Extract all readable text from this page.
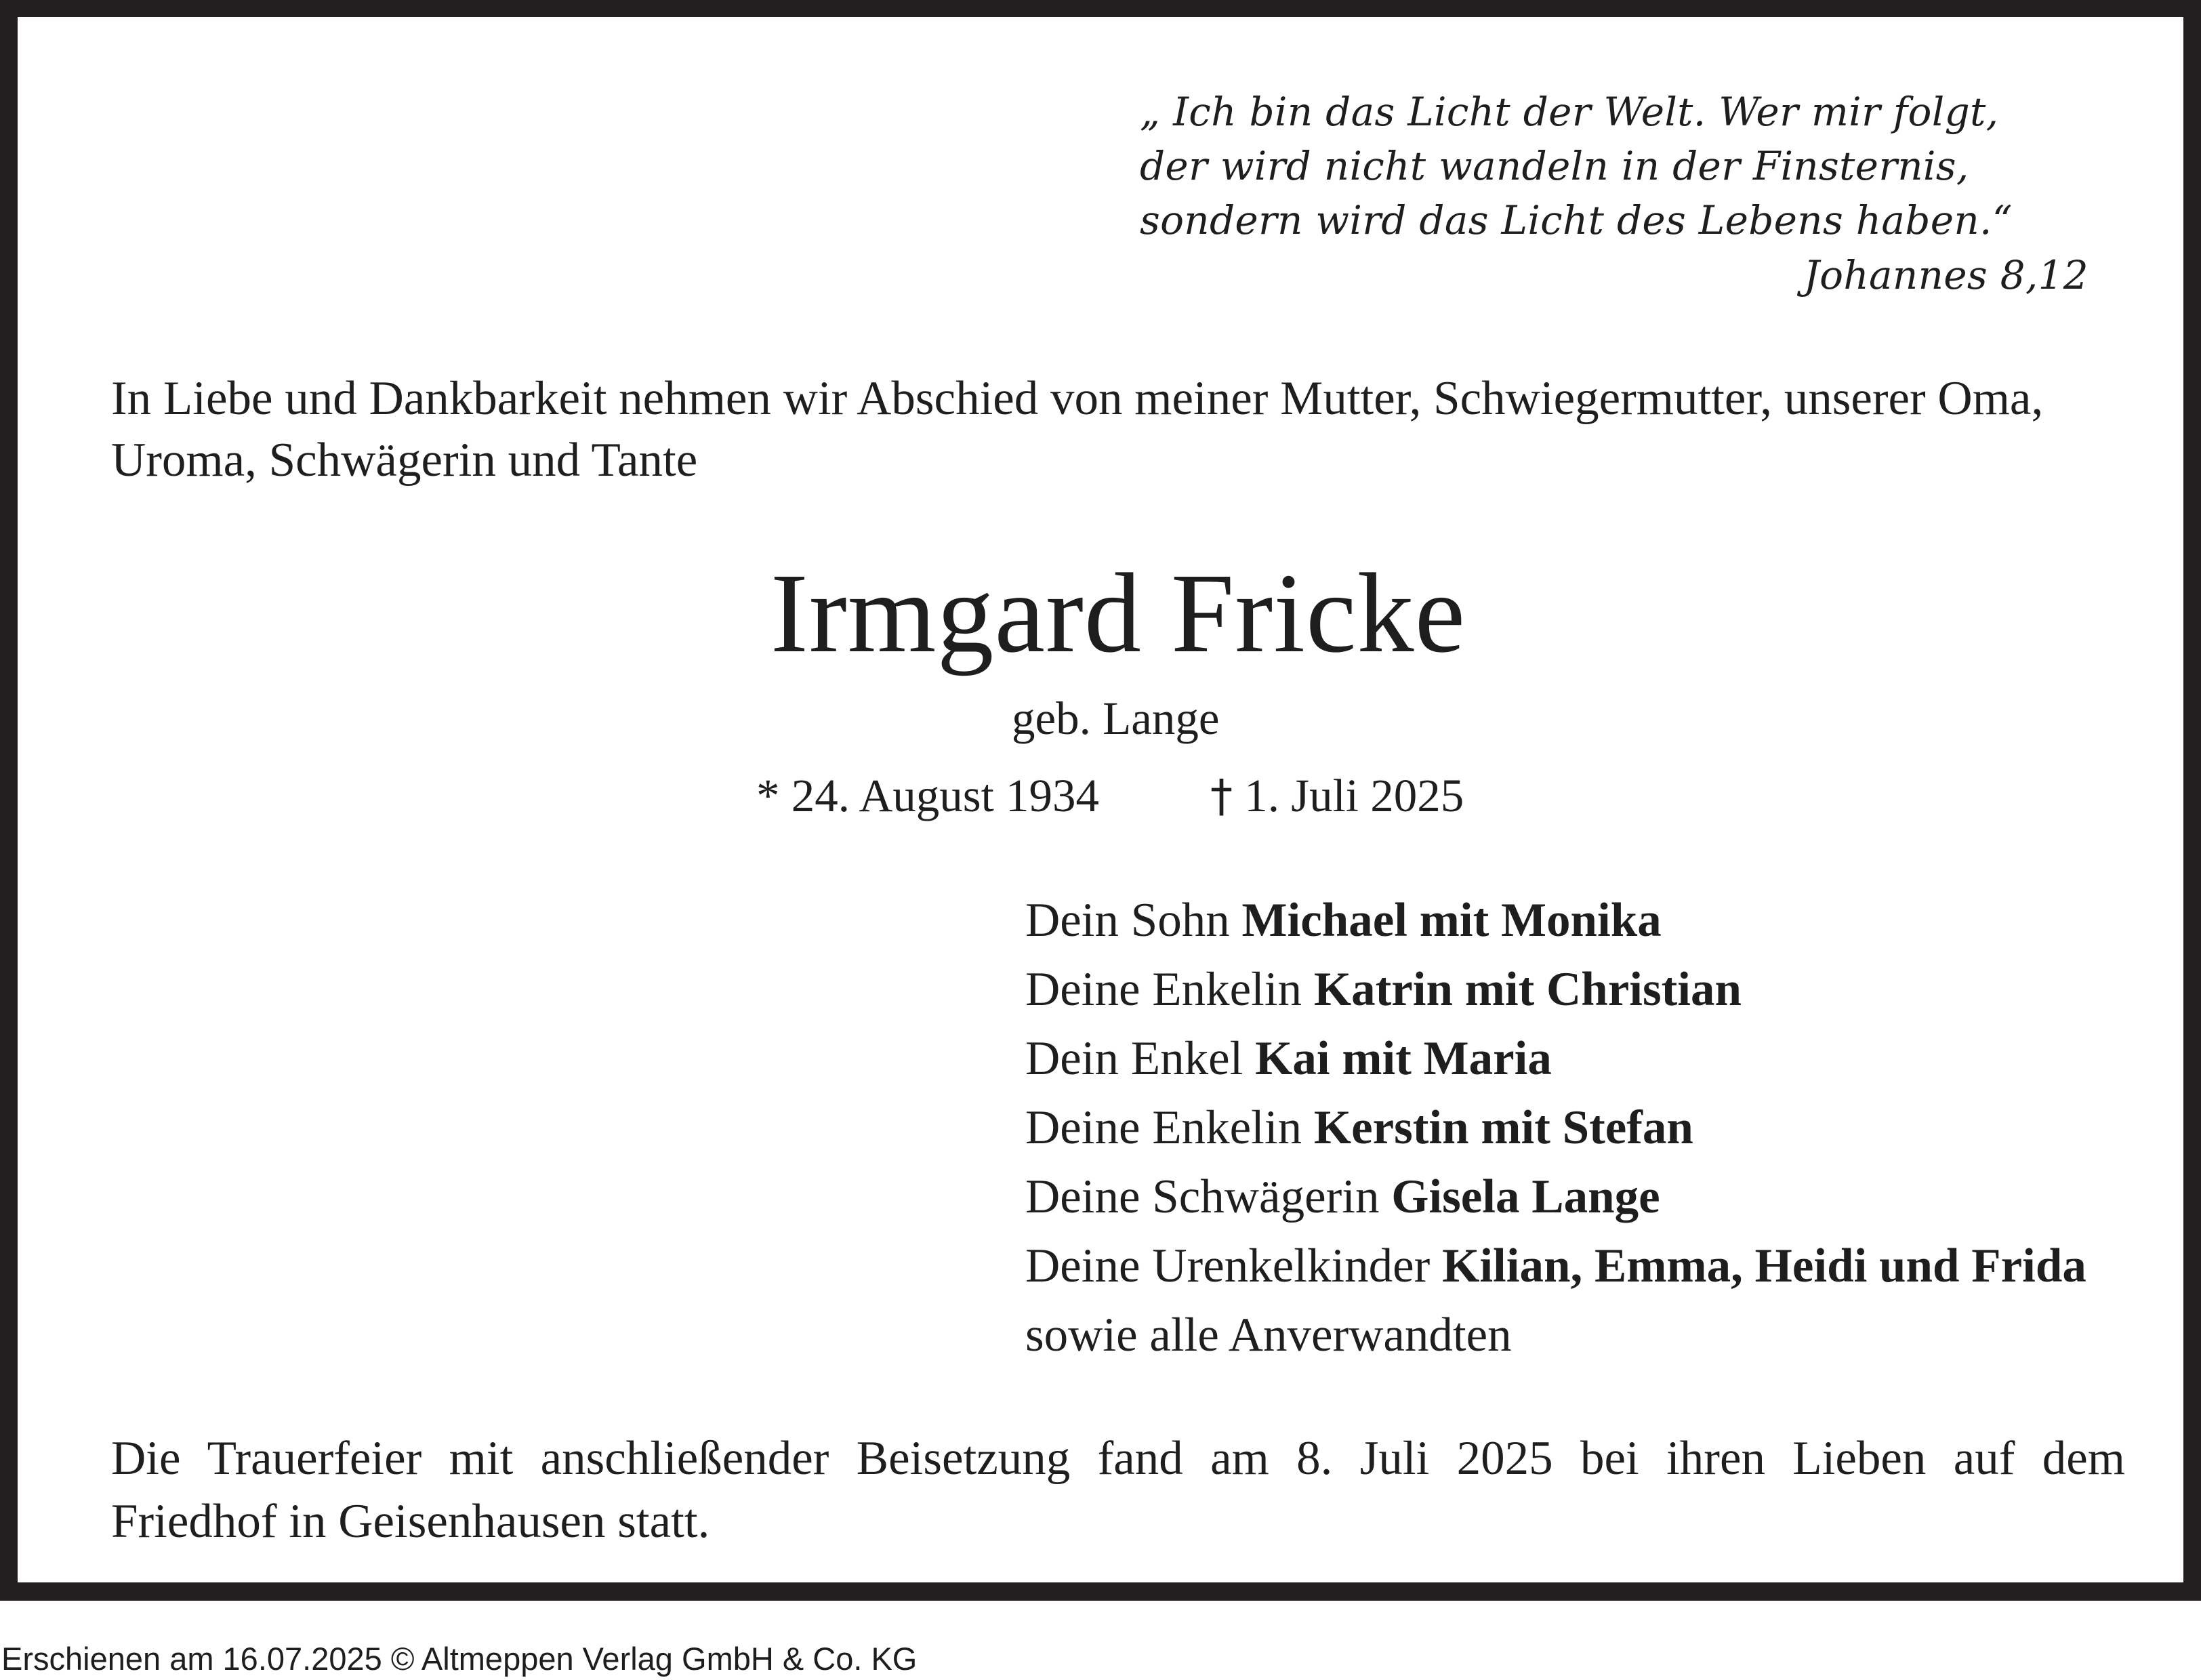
„ Ich bin das Licht der Welt. Wer mir folgt,
der wird nicht wandeln in der Finsternis,
sondern wird das Licht des Lebens haben.“
Johannes 8,12
In Liebe und Dankbarkeit nehmen wir Abschied von meiner Mutter, Schwiegermutter, unserer Oma,
Uroma, Schwägerin und Tante
Irmgard Fricke
geb. Lange
* 24. August 1934 † 1. Juli 2025
Dein Sohn Michael mit Monika
Deine Enkelin Katrin mit Christian
Dein Enkel Kai mit Maria
Deine Enkelin Kerstin mit Stefan
Deine Schwägerin Gisela Lange
Deine Urenkelkinder Kilian, Emma, Heidi und Frida
sowie alle Anverwandten
Die Trauerfeier mit anschließender Beisetzung fand am 8. Juli 2025 bei ihren Lieben auf dem
Friedhof in Geisenhausen statt.
Erschienen am 16.07.2025 © Altmeppen Verlag GmbH & Co. KG
